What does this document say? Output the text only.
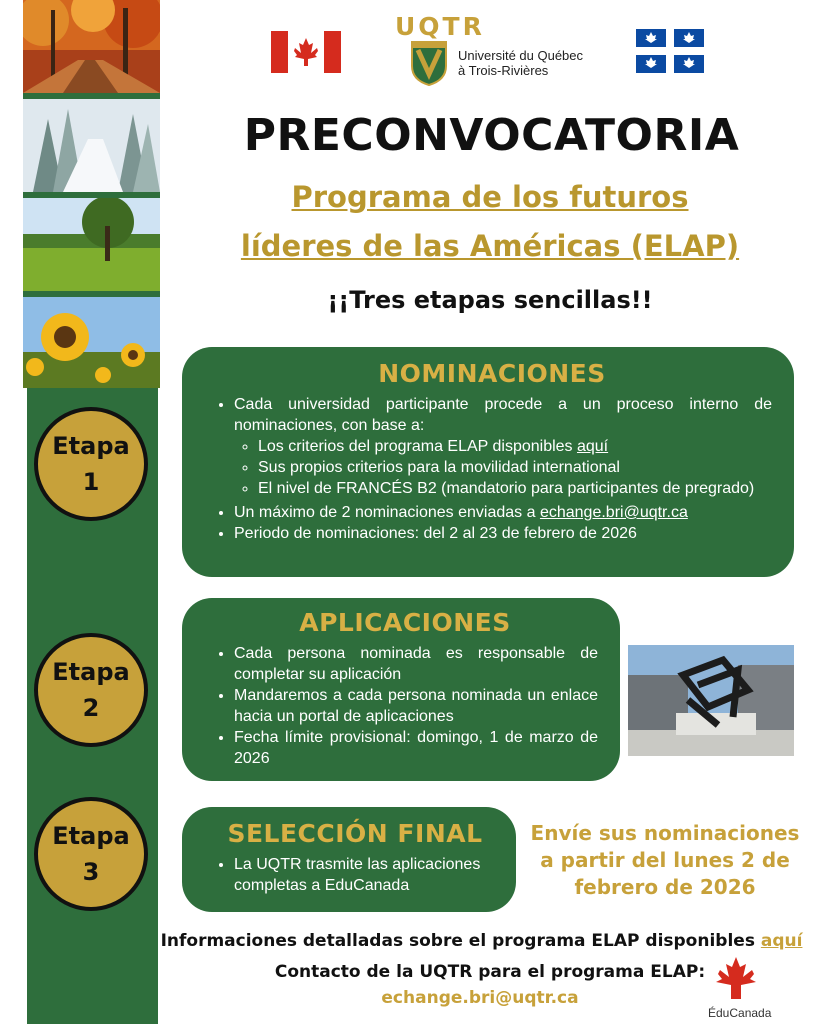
Etapa
1
Etapa
2
Etapa
3
UQTR
Université du Québec
à Trois-Rivières
PRECONVOCATORIA
Programa de los futuros
líderes de las Américas (ELAP)
¡¡Tres etapas sencillas!!
NOMINACIONES
• Cada universidad participante procede a un proceso interno de nominaciones, con base a:
◦ Los criterios del programa ELAP disponibles aquí
◦ Sus propios criterios para la movilidad international
◦ El nivel de FRANCÉS B2 (mandatorio para participantes de pregrado)
• Un máximo de 2 nominaciones enviadas a echange.bri@uqtr.ca
• Periodo de nominaciones: del 2 al 23 de febrero de 2026
APLICACIONES
• Cada persona nominada es responsable de completar su aplicación
• Mandaremos a cada persona nominada un enlace hacia un portal de aplicaciones
• Fecha límite provisional: domingo, 1 de marzo de 2026
SELECCIÓN FINAL
• La UQTR trasmite las aplicaciones completas a EduCanada
Envíe sus nominaciones a partir del lunes 2 de febrero de 2026
Informaciones detalladas sobre el programa ELAP disponibles aquí
Contacto de la UQTR para el programa ELAP:
echange.bri@uqtr.ca
ÉduCanada
